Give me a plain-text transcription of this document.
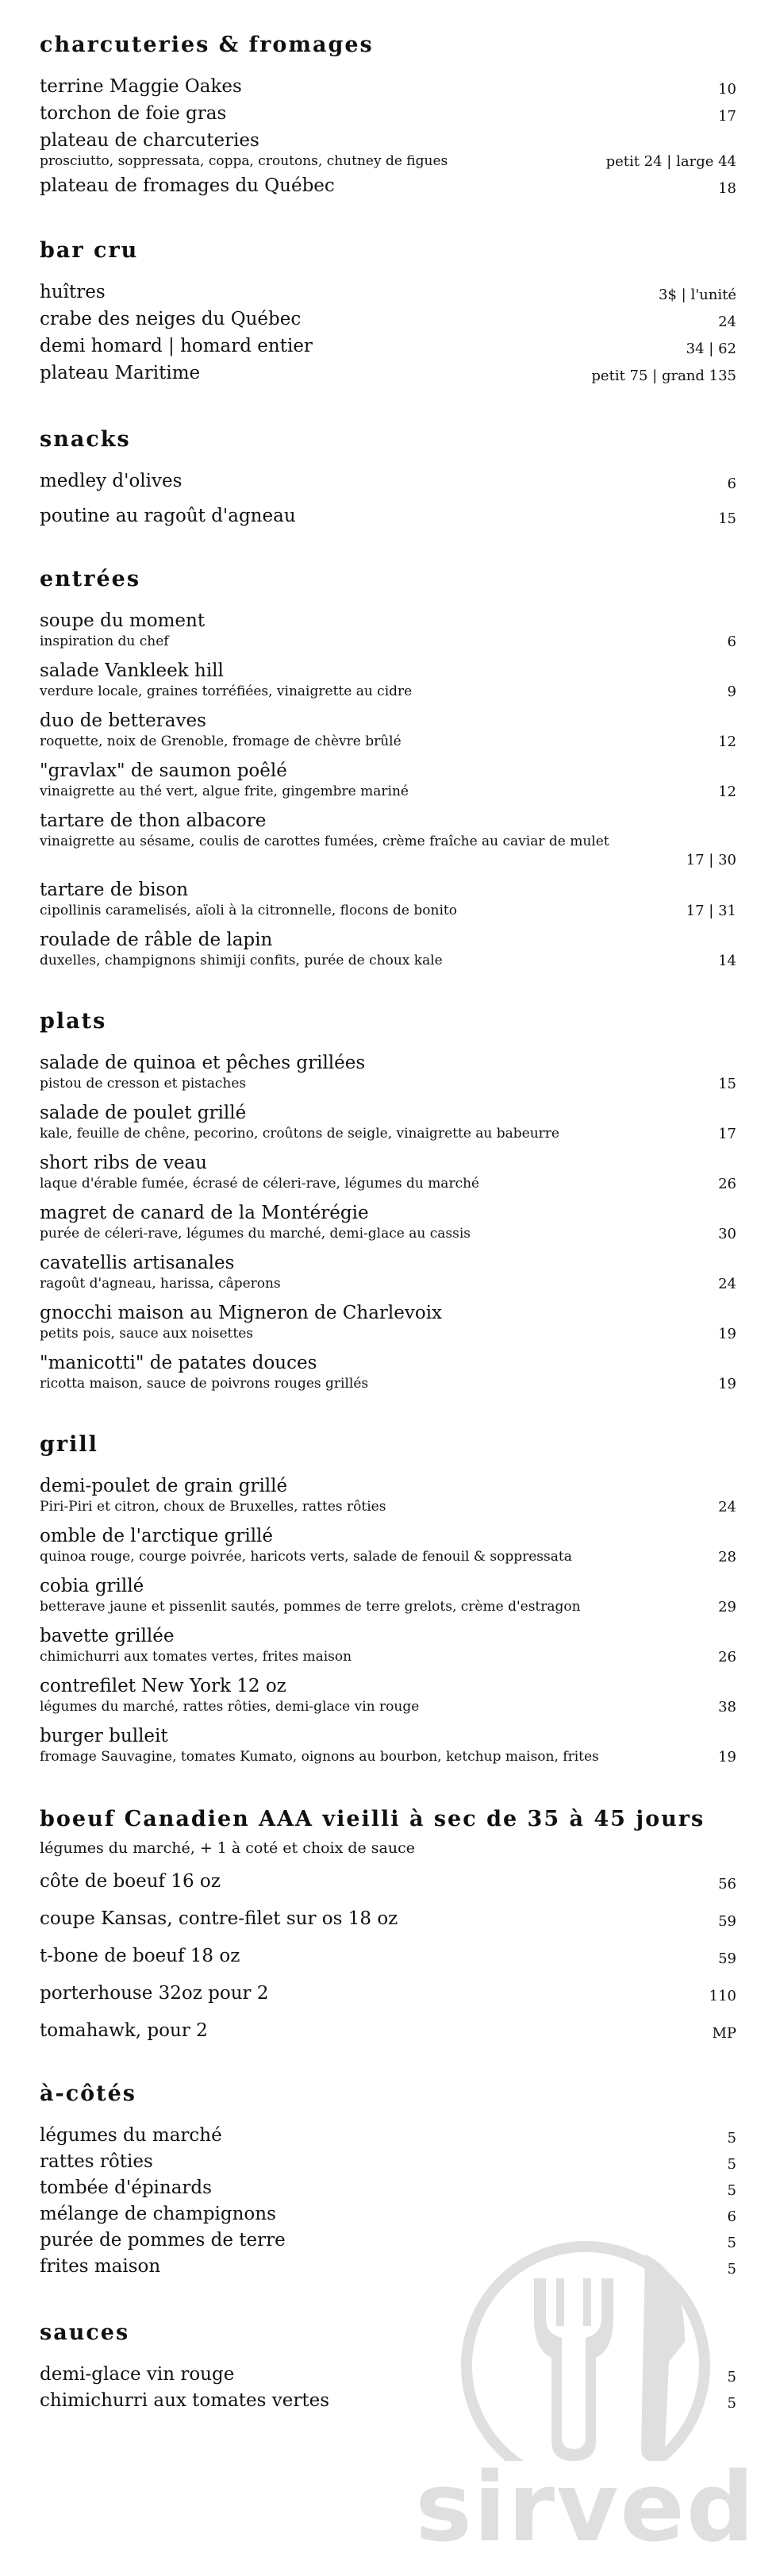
charcuteries & fromages
terrine Maggie Oakes	10
torchon de foie gras	17
plateau de charcuteries
prosciutto, soppressata, coppa, croutons, chutney de figues	petit 24 | large 44
plateau de fromages du Québec	18
bar cru
huîtres	3$ | l'unité
crabe des neiges du Québec	24
demi homard | homard entier	34 | 62
plateau Maritime	petit 75 | grand 135
snacks
medley d'olives	6
poutine au ragoût d'agneau	15
entrées
soupe du moment
inspiration du chef	6
salade Vankleek hill
verdure locale, graines torréfiées, vinaigrette au cidre	9
duo de betteraves
roquette, noix de Grenoble, fromage de chèvre brûlé	12
"gravlax" de saumon poêlé
vinaigrette au thé vert, algue frite, gingembre mariné	12
tartare de thon albacore
vinaigrette au sésame, coulis de carottes fumées, crème fraîche au caviar de mulet
17 | 30
tartare de bison
cipollinis caramelisés, aïoli à la citronnelle, flocons de bonito	17 | 31
roulade de râble de lapin
duxelles, champignons shimiji confits, purée de choux kale	14
plats
salade de quinoa et pêches grillées
pistou de cresson et pistaches	15
salade de poulet grillé
kale, feuille de chêne, pecorino, croûtons de seigle, vinaigrette au babeurre	17
short ribs de veau
laque d'érable fumée, écrasé de céleri-rave, légumes du marché	26
magret de canard de la Montérégie
purée de céleri-rave, légumes du marché, demi-glace au cassis	30
cavatellis artisanales
ragoût d'agneau, harissa, câperons	24
gnocchi maison au Migneron de Charlevoix
petits pois, sauce aux noisettes	19
"manicotti" de patates douces
ricotta maison, sauce de poivrons rouges grillés	19
grill
demi-poulet de grain grillé
Piri-Piri et citron, choux de Bruxelles, rattes rôties	24
omble de l'arctique grillé
quinoa rouge, courge poivrée, haricots verts, salade de fenouil & soppressata	28
cobia grillé
betterave jaune et pissenlit sautés, pommes de terre grelots, crème d'estragon	29
bavette grillée
chimichurri aux tomates vertes, frites maison	26
contrefilet New York 12 oz
légumes du marché, rattes rôties, demi-glace vin rouge	38
burger bulleit
fromage Sauvagine, tomates Kumato, oignons au bourbon, ketchup maison, frites	19
boeuf Canadien AAA vieilli à sec de 35 à 45 jours
légumes du marché, + 1 à coté et choix de sauce
côte de boeuf 16 oz	56
coupe Kansas, contre-filet sur os 18 oz	59
t-bone de boeuf 18 oz	59
porterhouse 32oz pour 2	110
tomahawk, pour 2	MP
à-côtés
légumes du marché	5
rattes rôties	5
tombée d'épinards	5
mélange de champignons	6
purée de pommes de terre	5
frites maison	5
sauces
demi-glace vin rouge	5
chimichurri aux tomates vertes	5
sirved
